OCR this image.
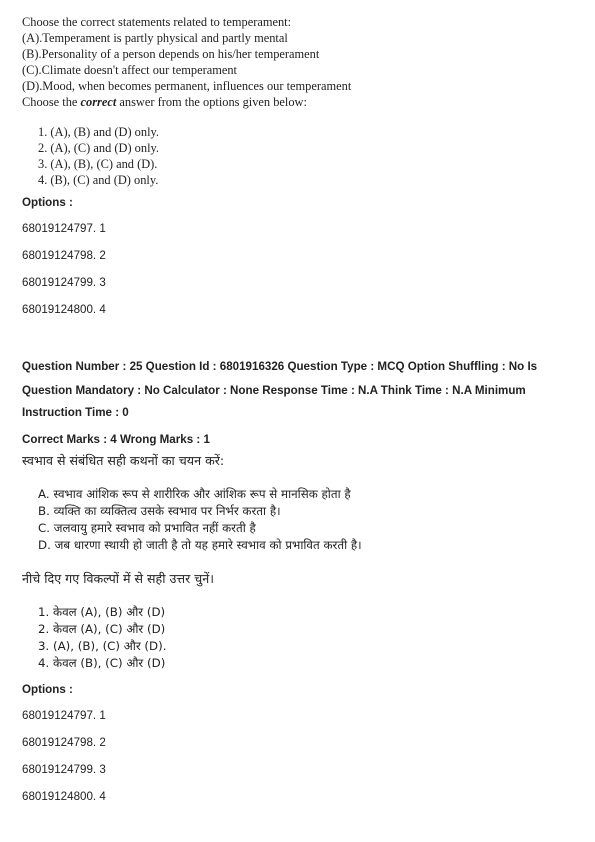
Choose the correct statements related to temperament:
(A).Temperament is partly physical and partly mental
(B).Personality of a person depends on his/her temperament
(C).Climate doesn't affect our temperament
(D).Mood, when becomes permanent, influences our temperament
Choose the correct answer from the options given below:
1. (A), (B) and (D) only.
2. (A), (C) and (D) only.
3. (A), (B), (C) and (D).
4. (B), (C) and (D) only.
Options :
68019124797. 1
68019124798. 2
68019124799. 3
68019124800. 4
Question Number : 25 Question Id : 6801916326 Question Type : MCQ Option Shuffling : No Is
Question Mandatory : No Calculator : None Response Time : N.A Think Time : N.A Minimum
Instruction Time : 0
Correct Marks : 4 Wrong Marks : 1
स्वभाव से संबंधित सही कथनों का चयन करें:
A. स्वभाव आंशिक रूप से शारीरिक और आंशिक रूप से मानसिक होता है
B. व्यक्ति का व्यक्तित्व उसके स्वभाव पर निर्भर करता है।
C. जलवायु हमारे स्वभाव को प्रभावित नहीं करती है
D. जब धारणा स्थायी हो जाती है तो यह हमारे स्वभाव को प्रभावित करती है।
नीचे दिए गए विकल्पों में से सही उत्तर चुनें।
1. केवल (A), (B) और (D)
2. केवल (A), (C) और (D)
3. (A), (B), (C) और (D).
4. केवल (B), (C) और (D)
Options :
68019124797. 1
68019124798. 2
68019124799. 3
68019124800. 4
